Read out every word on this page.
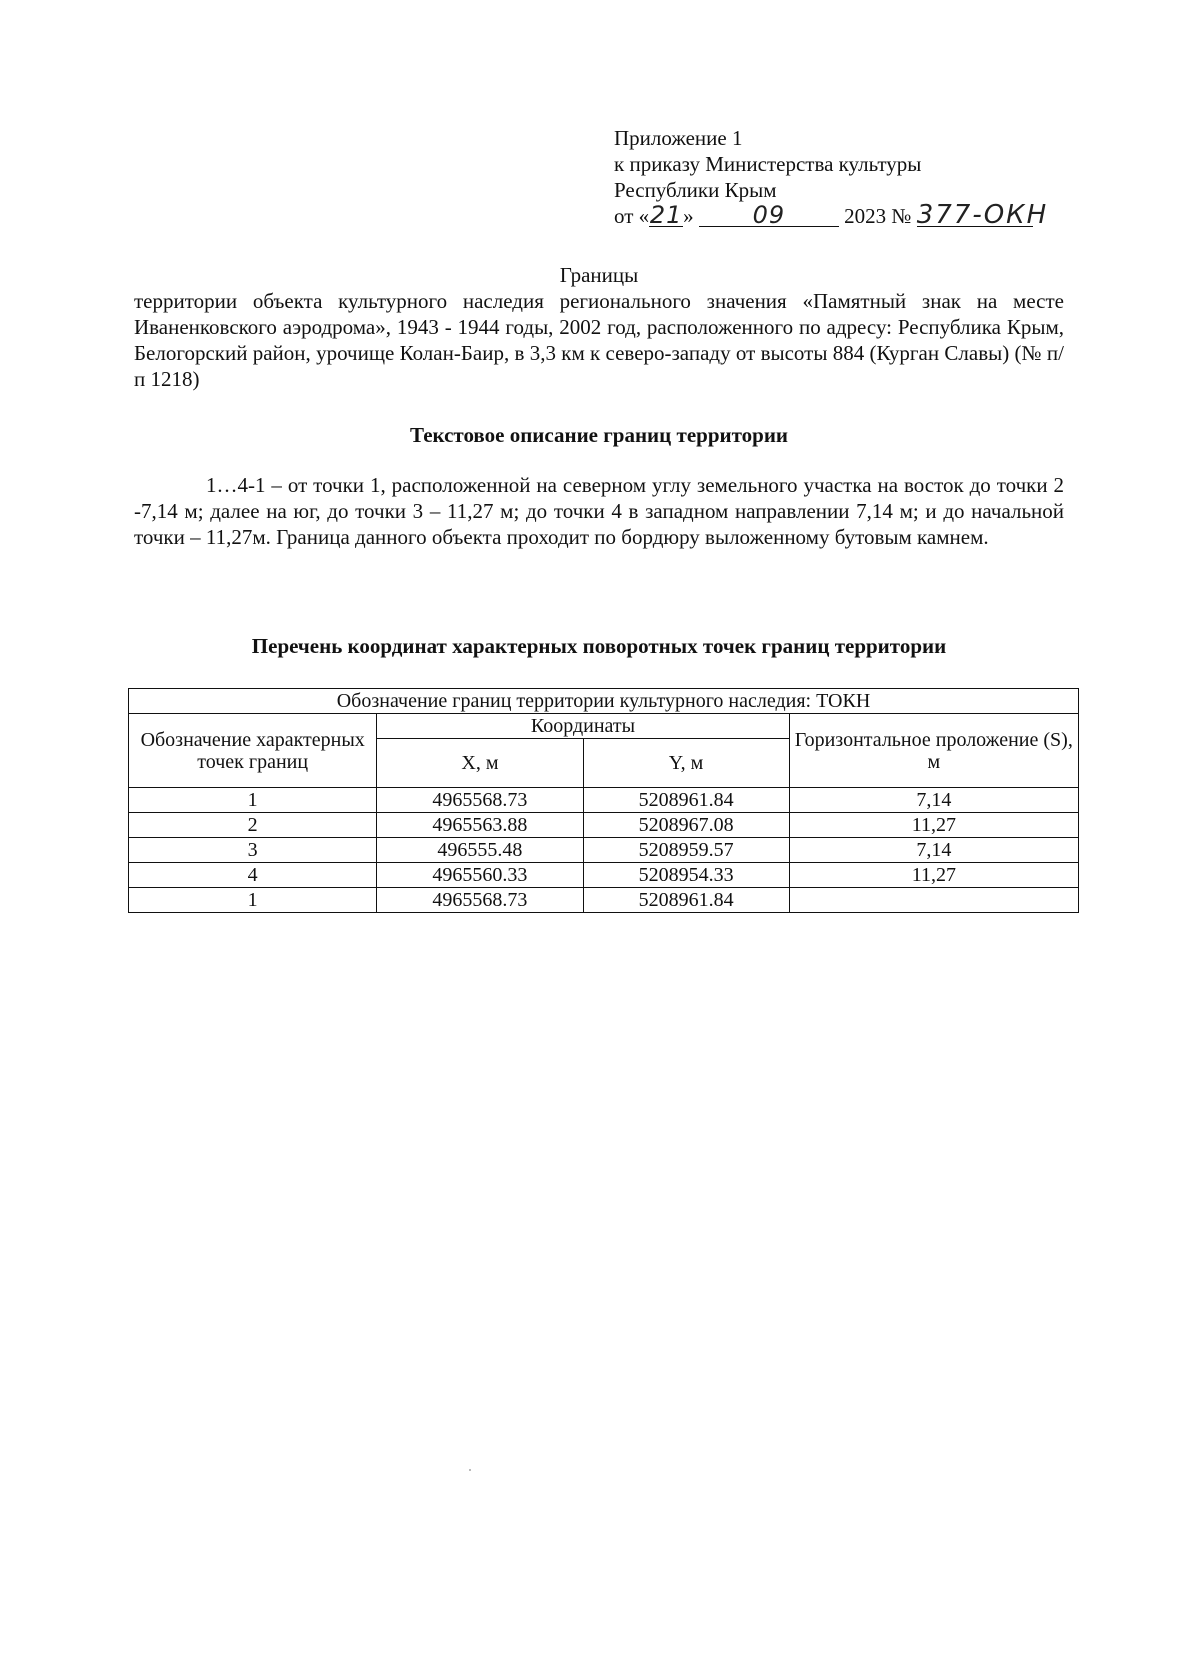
Приложение 1
к приказу Министерства культуры
Республики Крым
от «21» 09	2023 № 377-ОКН
Границы
территории объекта культурного наследия регионального значения «Памятный знак на месте Иваненковского аэродрома», 1943 - 1944 годы, 2002 год, расположенного по адресу: Республика Крым, Белогорский район, урочище Колан-Баир, в 3,3 км к северо-западу от высоты 884 (Курган Славы) (№ п/п 1218)
Текстовое описание границ территории
1…4-1 – от точки 1, расположенной на северном углу земельного участка на восток до точки 2 -7,14 м; далее на юг, до точки 3 – 11,27 м; до точки 4 в западном направлении 7,14 м; и до начальной точки – 11,27м. Граница данного объекта проходит по бордюру выложенному бутовым камнем.
Перечень координат характерных поворотных точек границ территории
Обозначение границ территории культурного наследия: ТОКН			
Обозначение характерных точек границ	Координаты		Горизонтальное проложение (S), м
	X, м	Y, м	
1	4965568.73	5208961.84	7,14
2	4965563.88	5208967.08	11,27
3	496555.48	5208959.57	7,14
4	4965560.33	5208954.33	11,27
1	4965568.73	5208961.84	
